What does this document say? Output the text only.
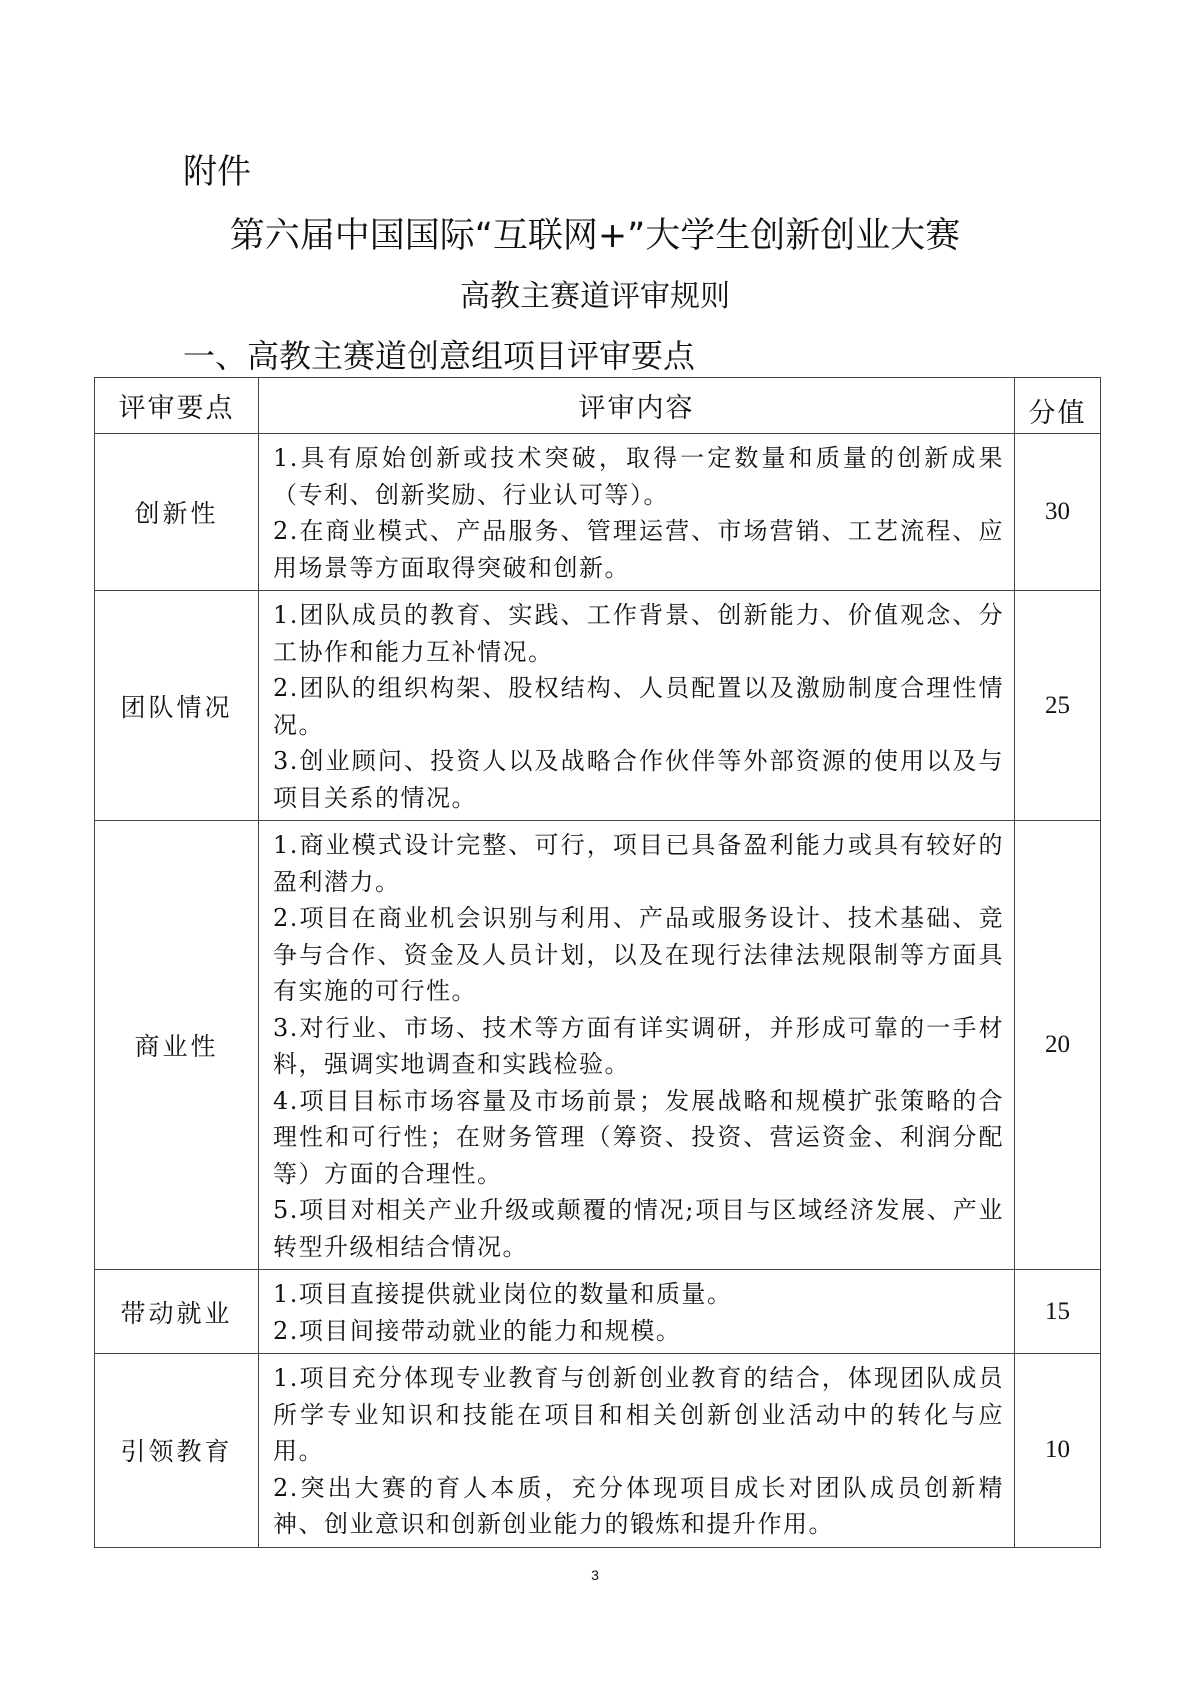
附件
第六届中国国际“互联网+”大学生创新创业大赛
高教主赛道评审规则
一、高教主赛道创意组项目评审要点
评审要点	评审内容	分值
创新性	1.具有原始创新或技术突破，取得一定数量和质量的创新成果（专利、创新奖励、行业认可等）。

2.在商业模式、产品服务、管理运营、市场营销、工艺流程、应用场景等方面取得突破和创新。	30
团队情况	1.团队成员的教育、实践、工作背景、创新能力、价值观念、分工协作和能力互补情况。

2.团队的组织构架、股权结构、人员配置以及激励制度合理性情况。

3.创业顾问、投资人以及战略合作伙伴等外部资源的使用以及与项目关系的情况。	25
商业性	1.商业模式设计完整、可行，项目已具备盈利能力或具有较好的盈利潜力。

2.项目在商业机会识别与利用、产品或服务设计、技术基础、竞争与合作、资金及人员计划，以及在现行法律法规限制等方面具有实施的可行性。

3.对行业、市场、技术等方面有详实调研，并形成可靠的一手材料，强调实地调查和实践检验。

4.项目目标市场容量及市场前景；发展战略和规模扩张策略的合理性和可行性；在财务管理（筹资、投资、营运资金、利润分配等）方面的合理性。

5.项目对相关产业升级或颠覆的情况;项目与区域经济发展、产业转型升级相结合情况。	20
带动就业	1.项目直接提供就业岗位的数量和质量。

2.项目间接带动就业的能力和规模。	15
引领教育	1.项目充分体现专业教育与创新创业教育的结合，体现团队成员所学专业知识和技能在项目和相关创新创业活动中的转化与应用。

2.突出大赛的育人本质，充分体现项目成长对团队成员创新精神、创业意识和创新创业能力的锻炼和提升作用。	10
3
